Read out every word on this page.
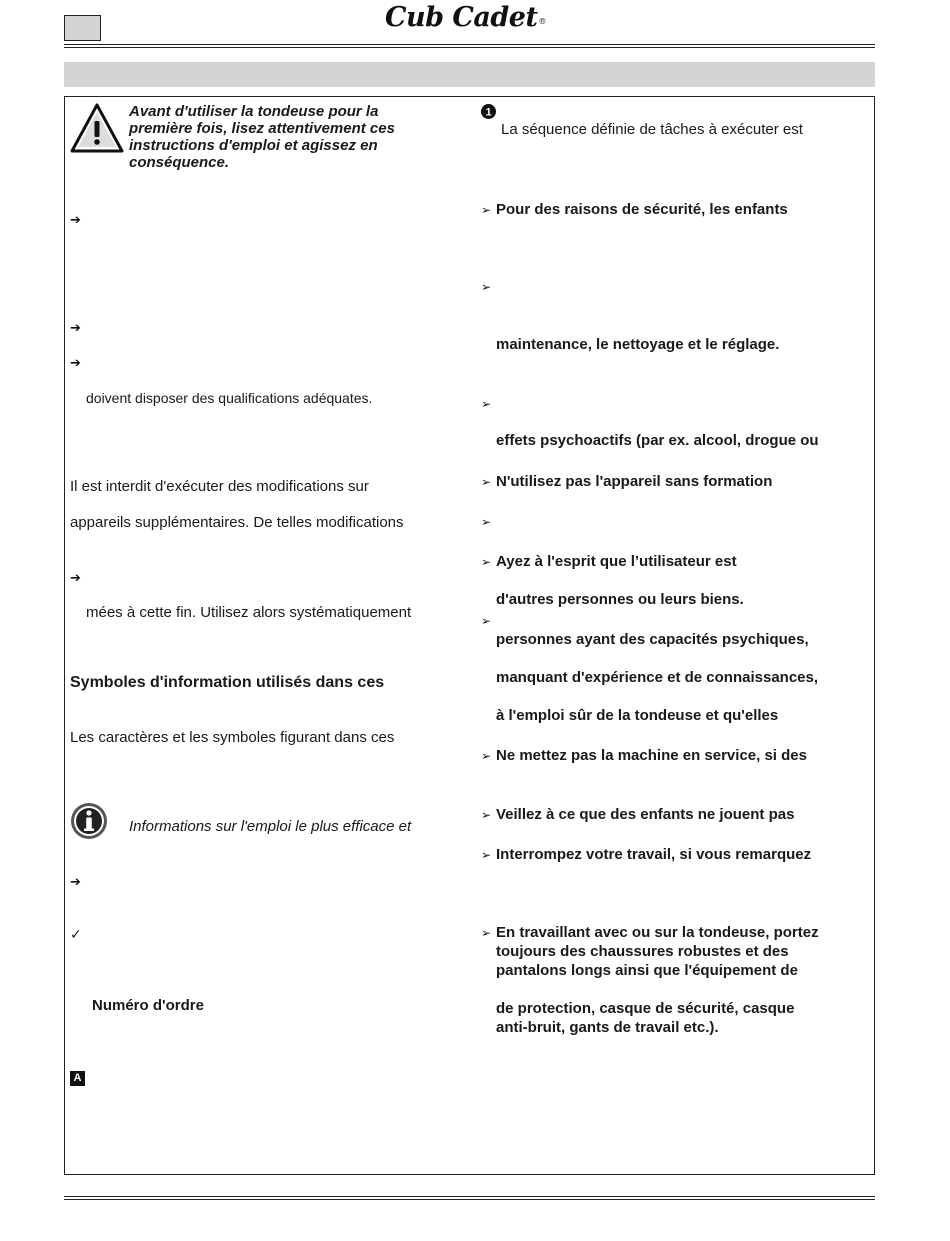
Cub Cadet®
Avant d'utiliser la tondeuse pour la
première fois, lisez attentivement ces
instructions d'emploi et agissez en
conséquence.
➔
➔
➔
doivent disposer des qualifications adéquates.
Il est interdit d'exécuter des modifications sur
appareils supplémentaires. De telles modifications
➔
mées à cette fin. Utilisez alors systématiquement
Symboles d'information utilisés dans ces
Les caractères et les symboles figurant dans ces
Informations sur l'emploi le plus efficace et
➔
✓
Numéro d'ordre
A
1
La séquence définie de tâches à exécuter est
➢ Pour des raisons de sécurité, les enfants
➢
maintenance, le nettoyage et le réglage.
➢
effets psychoactifs (par ex. alcool, drogue ou
➢ N'utilisez pas l'appareil sans formation
➢
➢ Ayez à l'esprit que l’utilisateur est
d'autres personnes ou leurs biens.
➢
personnes ayant des capacités psychiques,
manquant d'expérience et de connaissances,
à l'emploi sûr de la tondeuse et qu'elles
➢ Ne mettez pas la machine en service, si des
➢ Veillez à ce que des enfants ne jouent pas
➢ Interrompez votre travail, si vous remarquez
➢ En travaillant avec ou sur la tondeuse, portez
toujours des chaussures robustes et des
pantalons longs ainsi que l'équipement de
de protection, casque de sécurité, casque
anti-bruit, gants de travail etc.).
